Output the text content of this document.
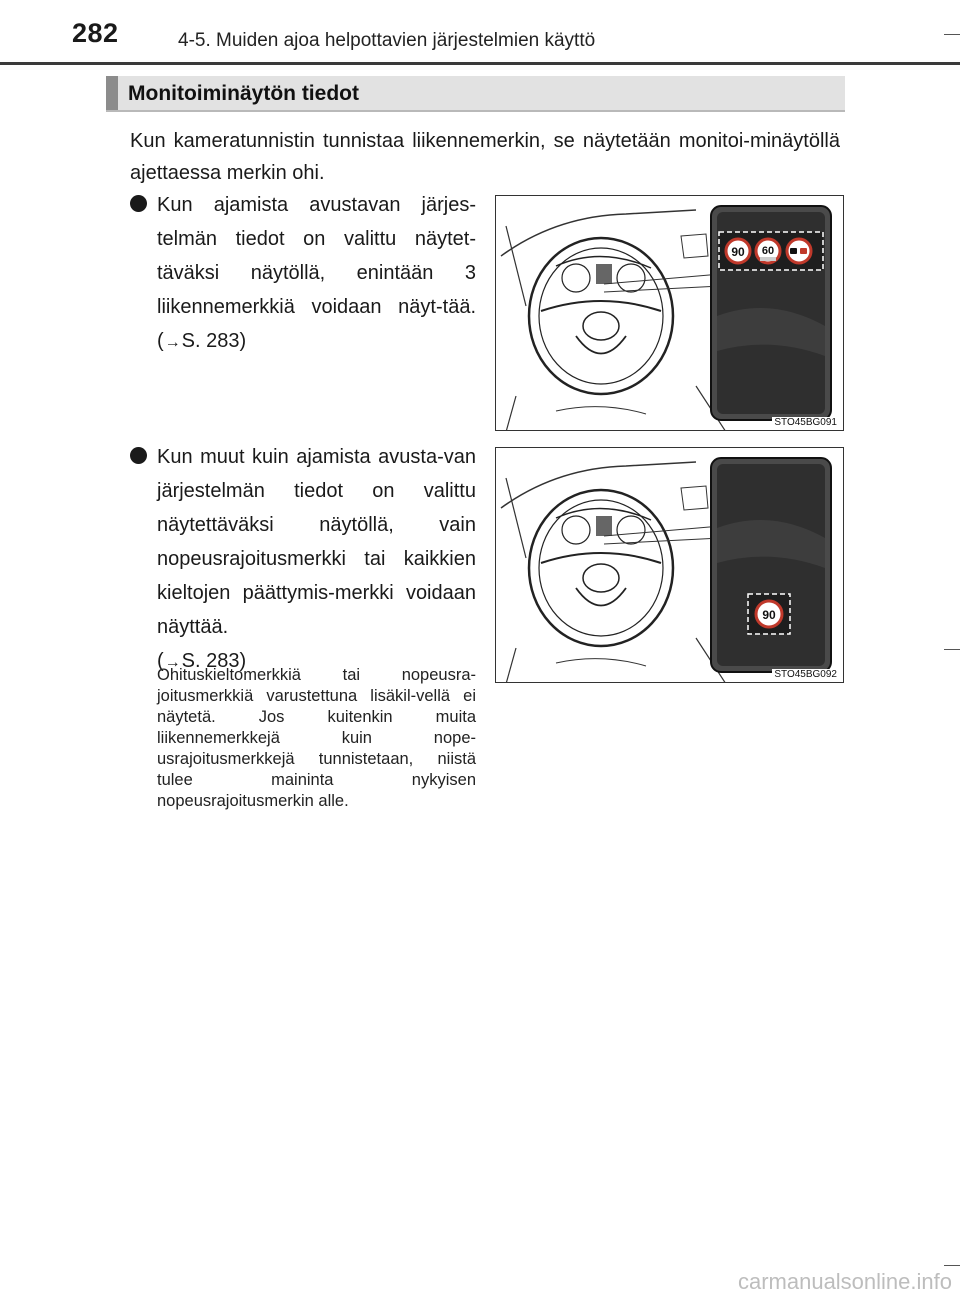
282	4-5. Muiden ajoa helpottavien järjestelmien käyttö
Monitoiminäytön tiedot
Kun kameratunnistin tunnistaa liikennemerkin, se näytetään monitoi-minäytöllä ajettaessa merkin ohi.
Kun ajamista avustavan järjes-telmän tiedot on valittu näytet-täväksi näytöllä, enintään 3 liikennemerkkiä voidaan näyt-tää. (→S. 283)
Kun muut kuin ajamista avusta-van järjestelmän tiedot on valittu näytettäväksi näytöllä, vain nopeusrajoitusmerkki tai kaikkien kieltojen päättymis-merkki voidaan näyttää.
(→S. 283)
Ohituskieltomerkkiä tai nopeusra-joitusmerkkiä varustettuna lisäkil-vellä ei näytetä. Jos kuitenkin muita liikennemerkkejä kuin nope-usrajoitusmerkkejä tunnistetaan, niistä tulee maininta nykyisen nopeusrajoitusmerkin alle.
90 60
STO45BG091
90
STO45BG092
carmanualsonline.info
